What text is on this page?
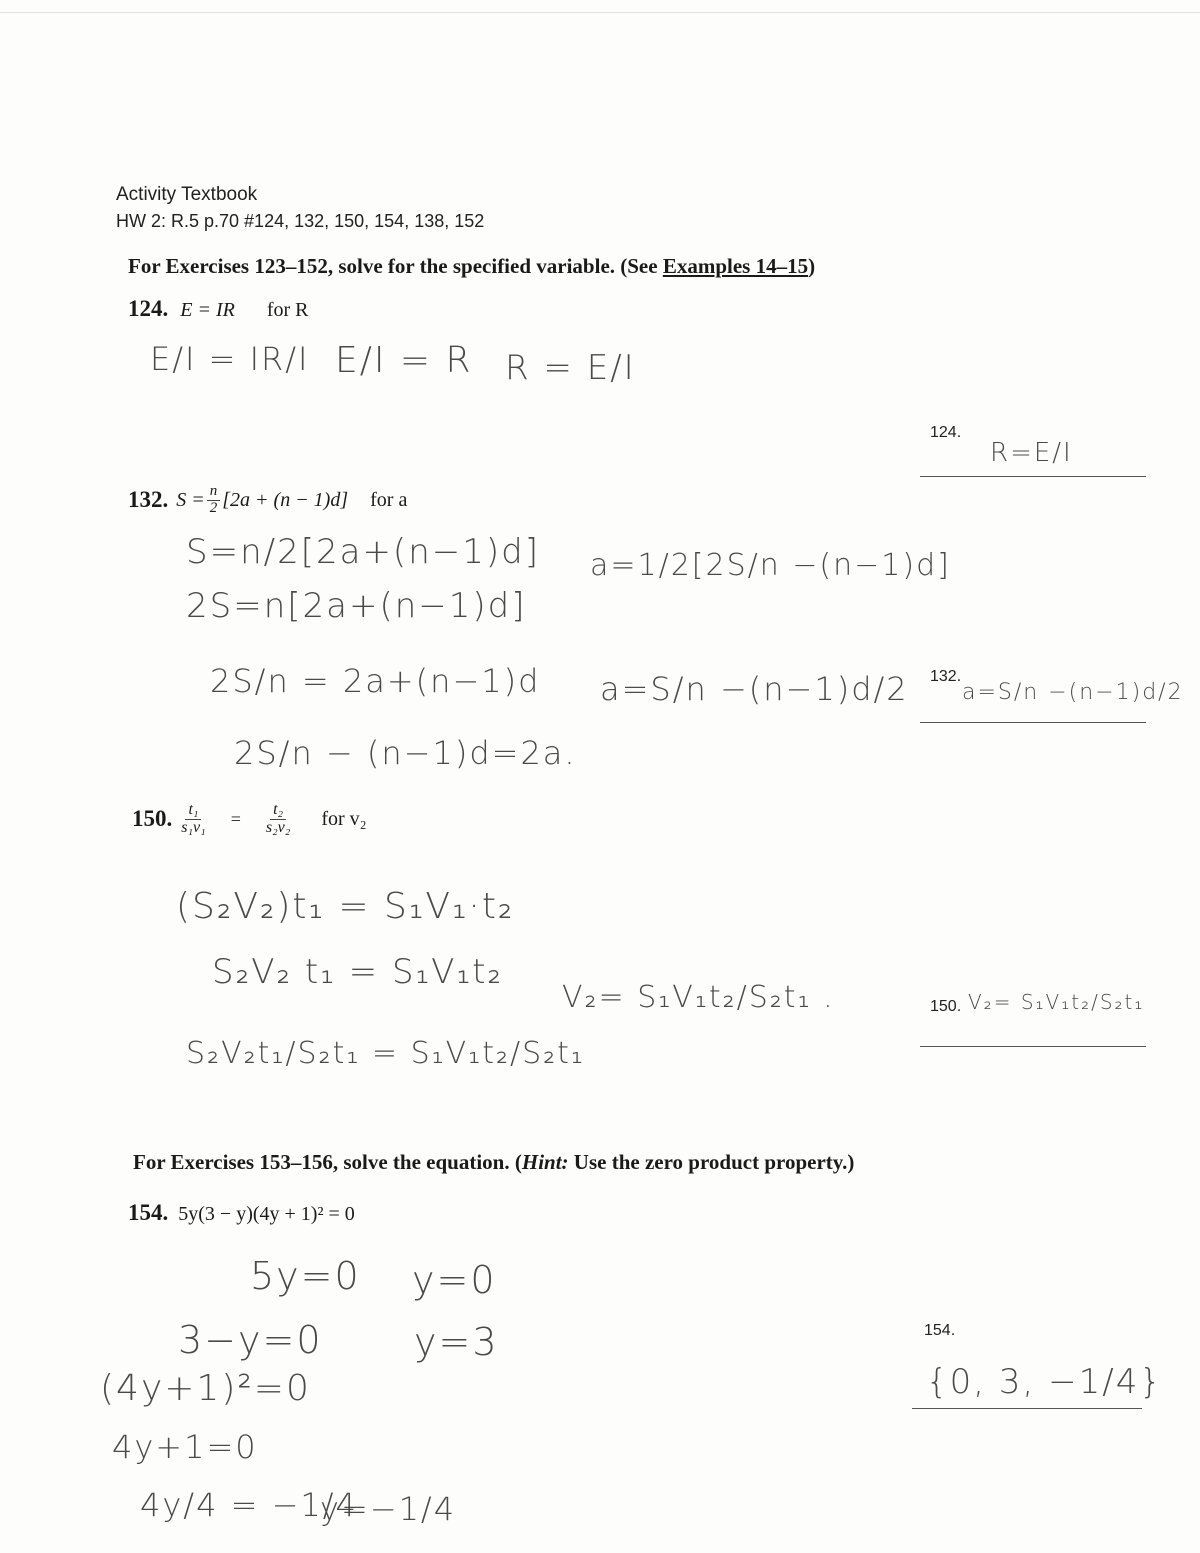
Activity Textbook
HW 2: R.5 p.70 #124, 132, 150, 154, 138, 152
For Exercises 123–152, solve for the specified variable. (See Examples 14–15)
124. E = IR for R
E/I = IR/I E/I = R R = E/I
124.
R=E/I
132. $S = \frac{n}{2} [2a + (n - 1)d]$ for a
S=n/2[2a+(n−1)d]
2S=n[2a+(n−1)d]
2S/n = 2a+(n−1)d
2S/n − (n−1)d=2a.
a=1/2[2S/n −(n−1)d]
a=S/n −(n−1)d/2 132.
a=S/n −(n−1)d/2
150. $\frac{\text{t₁}}{\text{s₁v₁}} = \frac{\text{t₂}}{\text{s₂v₂}}$ for v₂
(S₂V₂)t₁ = S₁V₁·t₂
S₂V₂ t₁ = S₁V₁t₂
S₂V₂t₁/S₂t₁ = S₁V₁t₂/S₂t₁
V₂= S₁V₁t₂/S₂t₁ .	150. V₂= S₁V₁t₂/S₂t₁
For Exercises 153–156, solve the equation. (Hint: Use the zero product property.)
154. 5y(3 − y)(4y + 1)² = 0
5y=0 y=0
3−y=0 y=3
(4y+1)²=0
4y+1=0
4y/4 = −1/4
y=−1/4
154.
{0, 3, −1/4}
